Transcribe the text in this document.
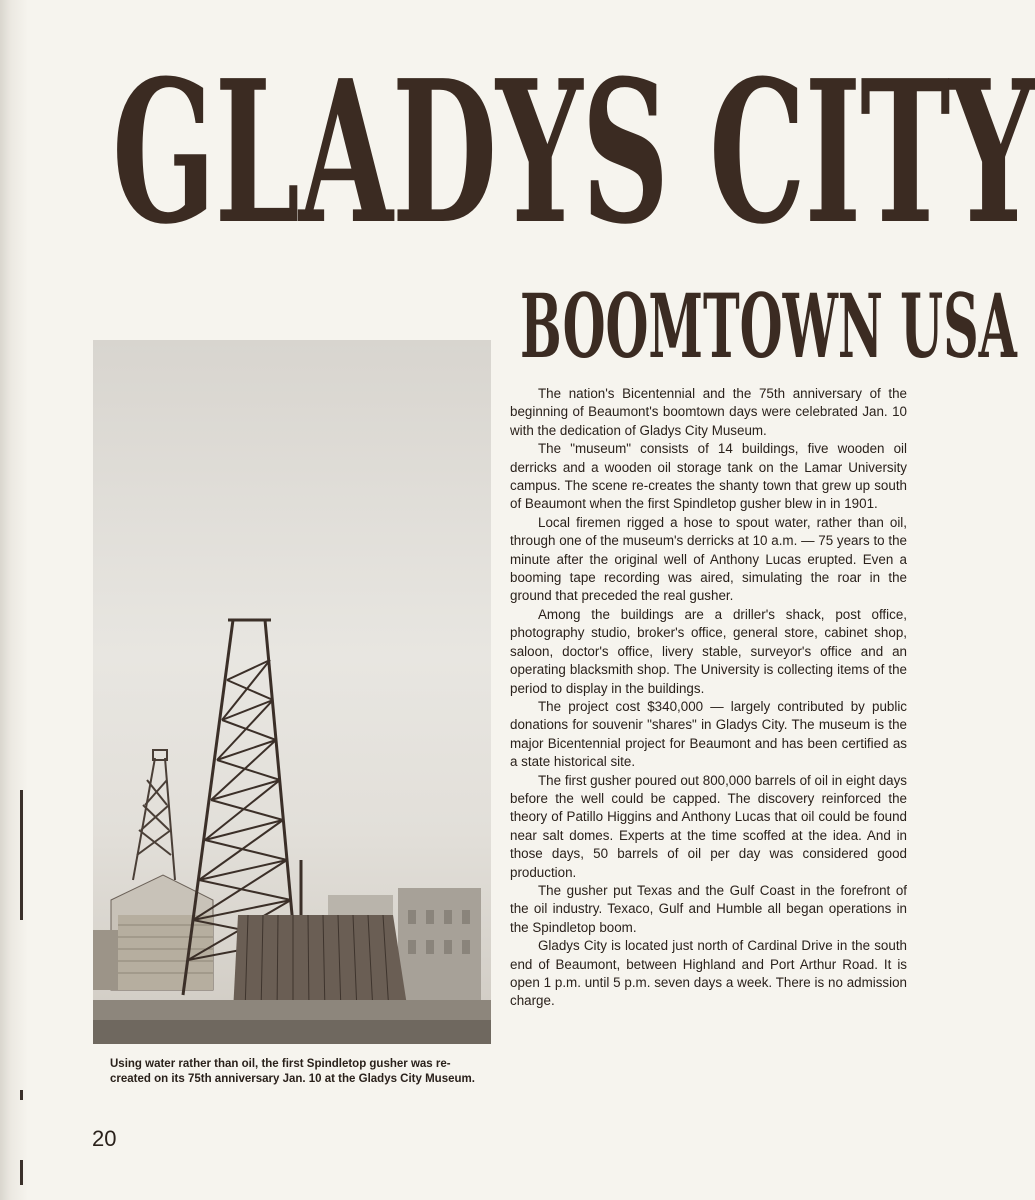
GLADYS CITY
BOOMTOWN USA

Using water rather than oil, the first Spindletop gusher was re-created on its 75th anniversary Jan. 10 at the Gladys City Museum.

20

The nation's Bicentennial and the 75th anniversary of the beginning of Beaumont's boomtown days were celebrated Jan. 10 with the dedication of Gladys City Museum.

The "museum" consists of 14 buildings, five wooden oil derricks and a wooden oil storage tank on the Lamar University campus. The scene re-creates the shanty town that grew up south of Beaumont when the first Spindletop gusher blew in in 1901.

Local firemen rigged a hose to spout water, rather than oil, through one of the museum's derricks at 10 a.m. — 75 years to the minute after the original well of Anthony Lucas erupted. Even a booming tape recording was aired, simulating the roar in the ground that preceded the real gusher.

Among the buildings are a driller's shack, post office, photography studio, broker's office, general store, cabinet shop, saloon, doctor's office, livery stable, surveyor's office and an operating blacksmith shop. The University is collecting items of the period to display in the buildings.

The project cost $340,000 — largely contributed by public donations for souvenir "shares" in Gladys City. The museum is the major Bicentennial project for Beaumont and has been certified as a state historical site.

The first gusher poured out 800,000 barrels of oil in eight days before the well could be capped. The discovery reinforced the theory of Patillo Higgins and Anthony Lucas that oil could be found near salt domes. Experts at the time scoffed at the idea. And in those days, 50 barrels of oil per day was considered good production.

The gusher put Texas and the Gulf Coast in the forefront of the oil industry. Texaco, Gulf and Humble all began operations in the Spindletop boom.

Gladys City is located just north of Cardinal Drive in the south end of Beaumont, between Highland and Port Arthur Road. It is open 1 p.m. until 5 p.m. seven days a week. There is no admission charge.
